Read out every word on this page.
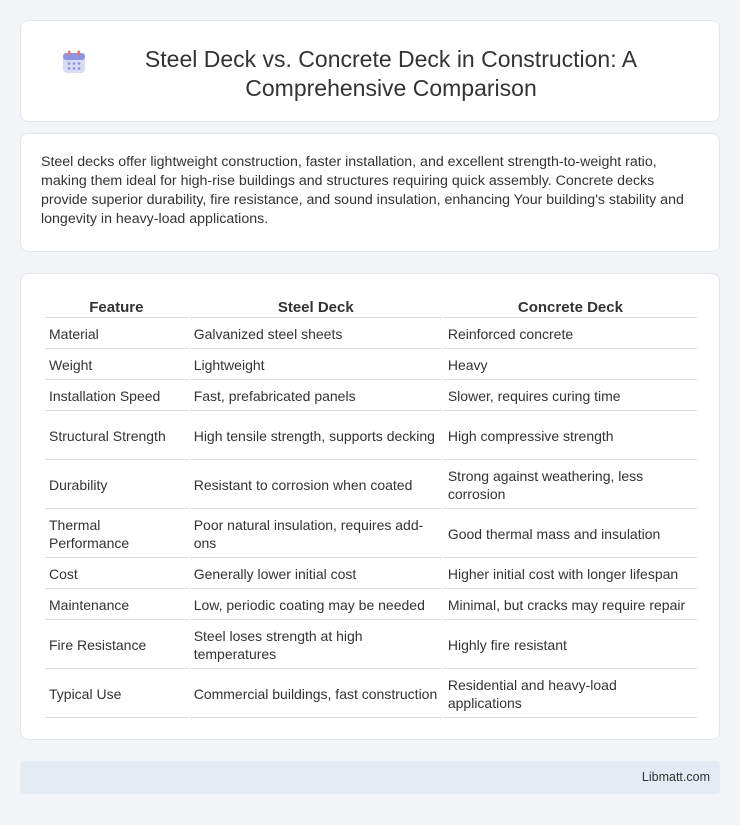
Steel Deck vs. Concrete Deck in Construction: A Comprehensive Comparison

Steel decks offer lightweight construction, faster installation, and excellent strength-to-weight ratio, making them ideal for high-rise buildings and structures requiring quick assembly. Concrete decks provide superior durability, fire resistance, and sound insulation, enhancing Your building's stability and longevity in heavy-load applications.

Feature	Steel Deck	Concrete Deck
Material	Galvanized steel sheets	Reinforced concrete
Weight	Lightweight	Heavy
Installation Speed	Fast, prefabricated panels	Slower, requires curing time
Structural Strength	High tensile strength, supports decking	High compressive strength
Durability	Resistant to corrosion when coated	Strong against weathering, less corrosion
Thermal Performance	Poor natural insulation, requires add-ons	Good thermal mass and insulation
Cost	Generally lower initial cost	Higher initial cost with longer lifespan
Maintenance	Low, periodic coating may be needed	Minimal, but cracks may require repair
Fire Resistance	Steel loses strength at high temperatures	Highly fire resistant
Typical Use	Commercial buildings, fast construction	Residential and heavy-load applications
Libmatt.com
